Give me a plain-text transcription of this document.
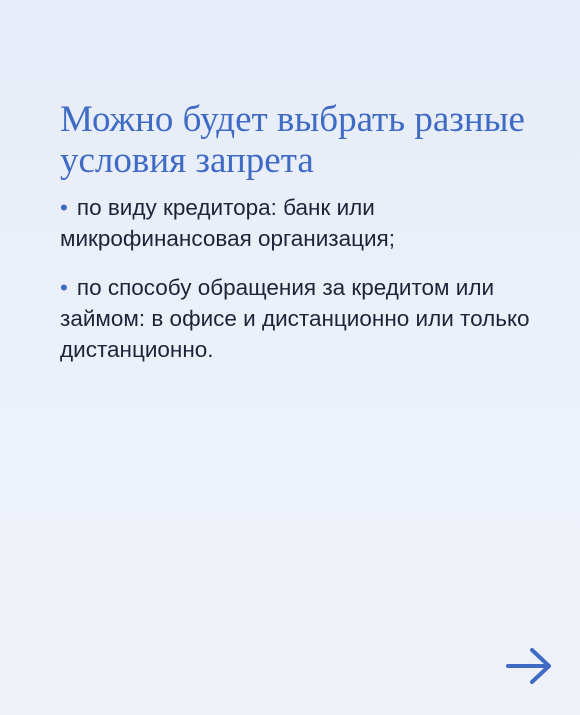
Можно будет выбрать разные условия запрета
• по виду кредитора: банк или микрофинансовая организация;
• по способу обращения за кредитом или займом: в офисе и дистанционно или только дистанционно.
